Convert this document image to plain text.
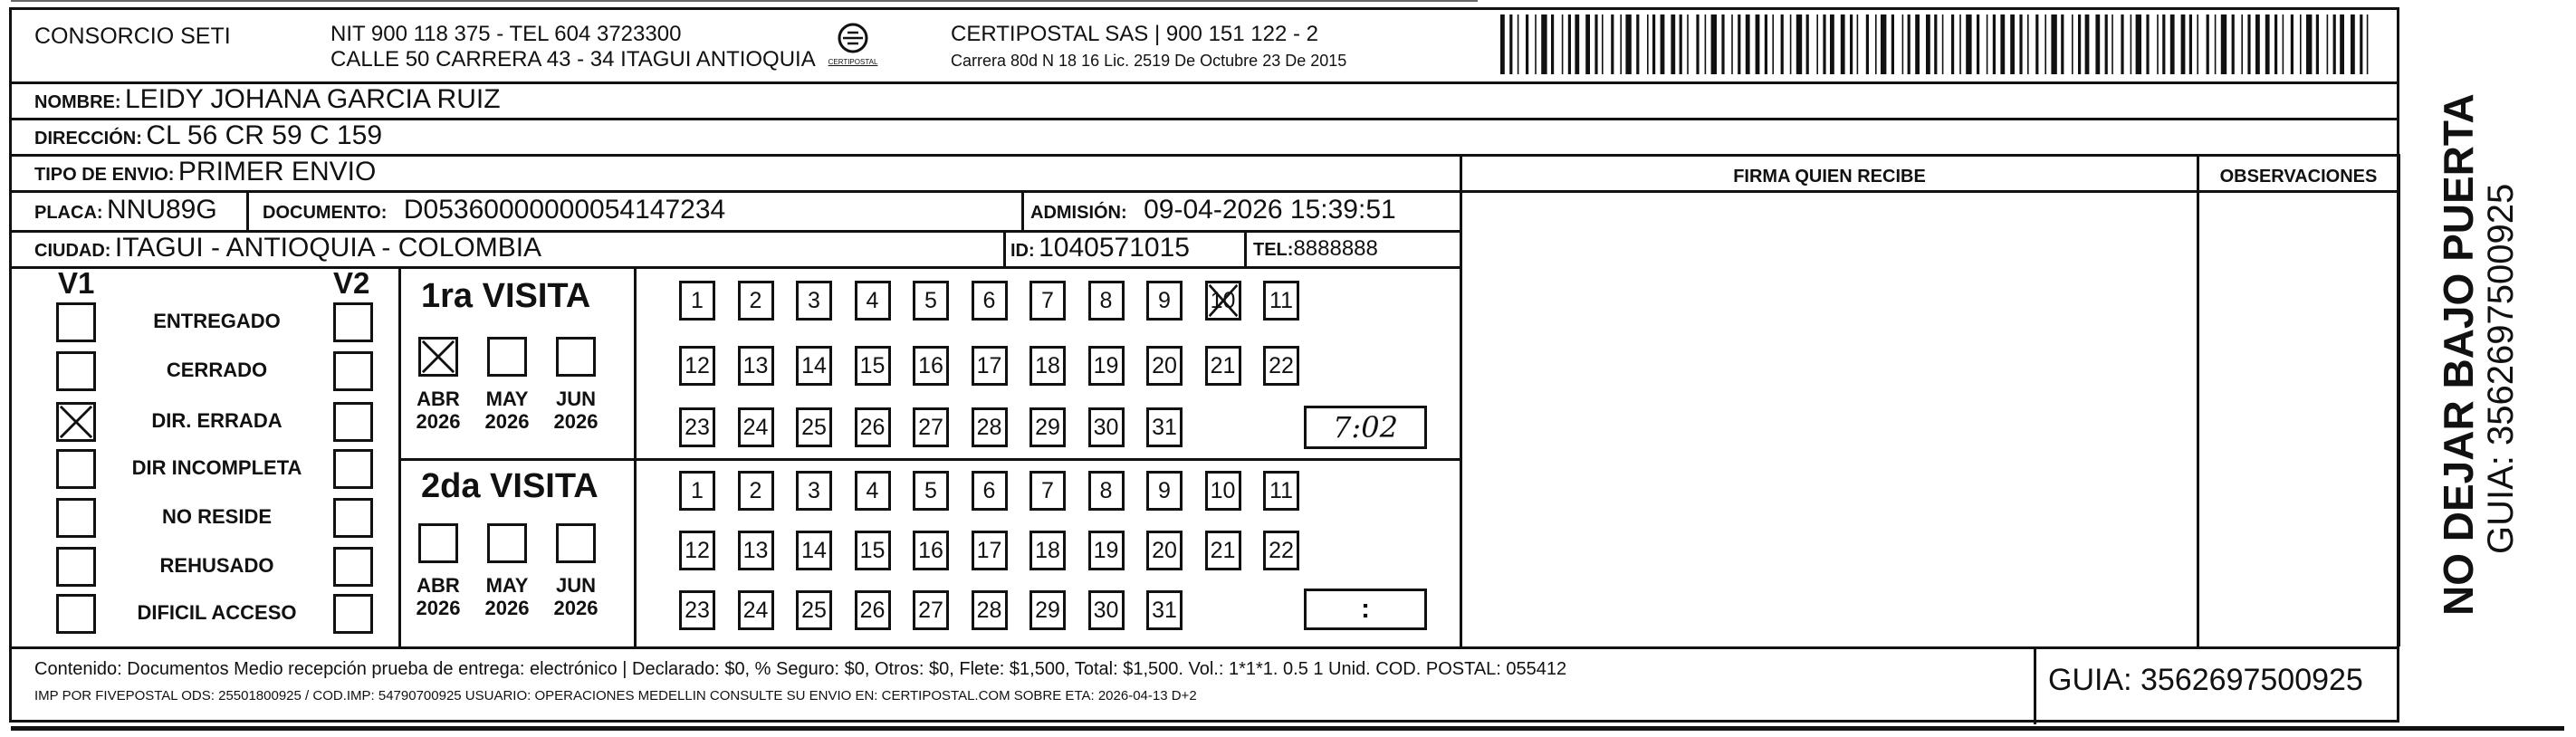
CONSORCIO SETI	NIT 900 118 375 - TEL 604 3723300
CALLE 50 CARRERA 43 - 34 ITAGUI ANTIOQUIA	CERTIPOSTAL
CERTIPOSTAL SAS | 900 151 122 - 2
Carrera 80d N 18 16 Lic. 2519 De Octubre 23 De 2015
NOMBRE: LEIDY JOHANA GARCIA RUIZ
DIRECCIÓN: CL 56 CR 59 C 159
TIPO DE ENVIO: PRIMER ENVIO
PLACA: NNU89G	DOCUMENTO: D05360000000054147234	ADMISIÓN: 09-04-2026 15:39:51
CIUDAD: ITAGUI - ANTIOQUIA - COLOMBIA	ID: 1040571015	TEL:8888888
FIRMA QUIEN RECIBE	OBSERVACIONES
V1	V2
ENTREGADO
CERRADO
DIR. ERRADA
DIR INCOMPLETA
NO RESIDE
REHUSADO
DIFICIL ACCESO
1ra VISITA
ABR
2026
MAY
2026
JUN
2026
1	2	3	4	5	6	7	8	9	10 11
12 13 14 15 16 17 18 19 20 21 22
23 24 25 26 27 28 29 30 31	7:02
2da VISITA
ABR
2026
MAY
2026
JUN
2026
1	2	3	4	5	6	7	8	9	10 11
12 13 14 15 16 17 18 19 20 21 22
23 24 25 26 27 28 29 30 31	:
Contenido: Documentos Medio recepción prueba de entrega: electrónico | Declarado: $0, % Seguro: $0, Otros: $0, Flete: $1,500, Total: $1,500. Vol.: 1*1*1. 0.5 1 Unid. COD. POSTAL: 055412
IMP POR FIVEPOSTAL ODS: 25501800925 / COD.IMP: 54790700925 USUARIO: OPERACIONES MEDELLIN CONSULTE SU ENVIO EN: CERTIPOSTAL.COM SOBRE ETA: 2026-04-13 D+2	GUIA: 3562697500925
NO DEJAR BAJO PUERTA GUIA: 3562697500925
